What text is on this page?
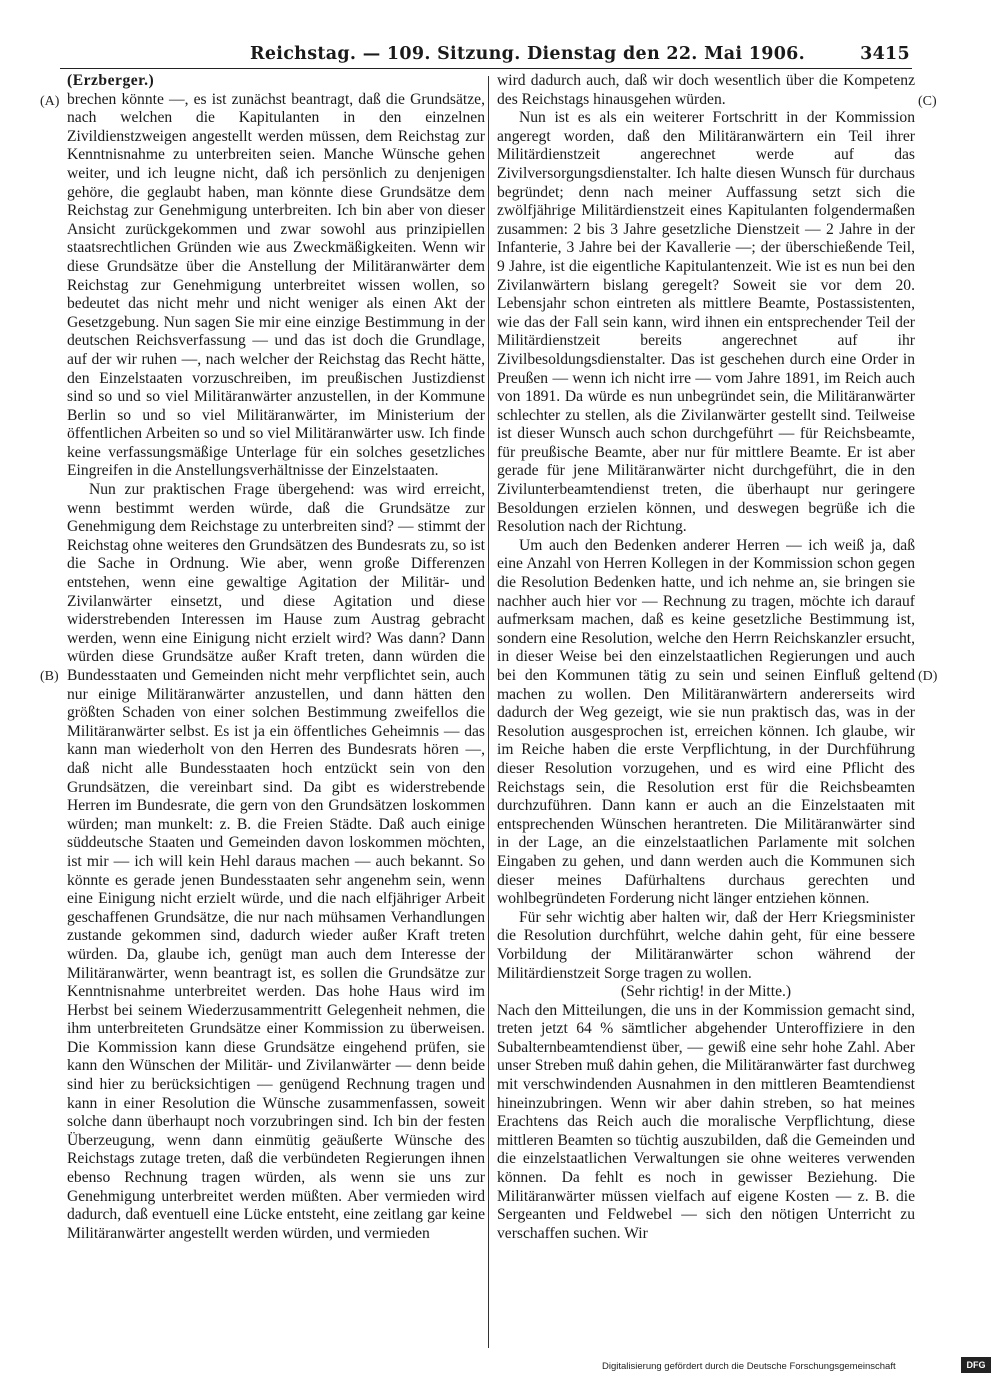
Reichstag. — 109. Sitzung. Dienstag den 22. Mai 1906.	3415
(A)
(B)
(C)
(D)

(Erzberger.)

brechen könnte —, es ist zunächst beantragt, daß die Grundsätze, nach welchen die Kapitulanten in den einzelnen Zivildienstzweigen angestellt werden müssen, dem Reichstag zur Kenntnisnahme zu unterbreiten seien. Manche Wünsche gehen weiter, und ich leugne nicht, daß ich persönlich zu denjenigen gehöre, die geglaubt haben, man könnte diese Grundsätze dem Reichstag zur Genehmigung unterbreiten. Ich bin aber von dieser Ansicht zurückgekommen und zwar sowohl aus prinzipiellen staatsrechtlichen Gründen wie aus Zweckmäßigkeiten. Wenn wir diese Grundsätze über die Anstellung der Militäranwärter dem Reichstag zur Genehmigung unterbreitet wissen wollen, so bedeutet das nicht mehr und nicht weniger als einen Akt der Gesetzgebung. Nun sagen Sie mir eine einzige Bestimmung in der deutschen Reichsverfassung — und das ist doch die Grundlage, auf der wir ruhen —, nach welcher der Reichstag das Recht hätte, den Einzelstaaten vorzuschreiben, im preußischen Justizdienst sind so und so viel Militäranwärter anzustellen, in der Kommune Berlin so und so viel Militäranwärter, im Ministerium der öffentlichen Arbeiten so und so viel Militäranwärter usw. Ich finde keine verfassungsmäßige Unterlage für ein solches gesetzliches Eingreifen in die Anstellungsverhältnisse der Einzelstaaten.

Nun zur praktischen Frage übergehend: was wird erreicht, wenn bestimmt werden würde, daß die Grundsätze zur Genehmigung dem Reichstage zu unterbreiten sind? — stimmt der Reichstag ohne weiteres den Grundsätzen des Bundesrats zu, so ist die Sache in Ordnung. Wie aber, wenn große Differenzen entstehen, wenn eine gewaltige Agitation der Militär- und Zivilanwärter einsetzt, und diese Agitation und diese widerstrebenden Interessen im Hause zum Austrag gebracht werden, wenn eine Einigung nicht erzielt wird? Was dann? Dann würden diese Grundsätze außer Kraft treten, dann würden die Bundesstaaten und Gemeinden nicht mehr verpflichtet sein, auch nur einige Militäranwärter anzustellen, und dann hätten den größten Schaden von einer solchen Bestimmung zweifellos die Militäranwärter selbst. Es ist ja ein öffentliches Geheimnis — das kann man wiederholt von den Herren des Bundesrats hören —, daß nicht alle Bundesstaaten hoch entzückt sein von den Grundsätzen, die vereinbart sind. Da gibt es widerstrebende Herren im Bundesrate, die gern von den Grundsätzen loskommen würden; man munkelt: z. B. die Freien Städte. Daß auch einige süddeutsche Staaten und Gemeinden davon loskommen möchten, ist mir — ich will kein Hehl daraus machen — auch bekannt. So könnte es gerade jenen Bundesstaaten sehr angenehm sein, wenn eine Einigung nicht erzielt würde, und die nach elfjähriger Arbeit geschaffenen Grundsätze, die nur nach mühsamen Verhandlungen zustande gekommen sind, dadurch wieder außer Kraft treten würden. Da, glaube ich, genügt man auch dem Interesse der Militäranwärter, wenn beantragt ist, es sollen die Grundsätze zur Kenntnisnahme unterbreitet werden. Das hohe Haus wird im Herbst bei seinem Wiederzusammentritt Gelegenheit nehmen, die ihm unterbreiteten Grundsätze einer Kommission zu überweisen. Die Kommission kann diese Grundsätze eingehend prüfen, sie kann den Wünschen der Militär- und Zivilanwärter — denn beide sind hier zu berücksichtigen — genügend Rechnung tragen und kann in einer Resolution die Wünsche zusammenfassen, soweit solche dann überhaupt noch vorzubringen sind. Ich bin der festen Überzeugung, wenn dann einmütig geäußerte Wünsche des Reichstags zutage treten, daß die verbündeten Regierungen ihnen ebenso Rechnung tragen würden, als wenn sie uns zur Genehmigung unterbreitet werden müßten. Aber vermieden wird dadurch, daß eventuell eine Lücke entsteht, eine zeitlang gar keine Militäranwärter angestellt werden würden, und vermieden

wird dadurch auch, daß wir doch wesentlich über die Kompetenz des Reichstags hinausgehen würden.

Nun ist es als ein weiterer Fortschritt in der Kommission angeregt worden, daß den Militäranwärtern ein Teil ihrer Militärdienstzeit angerechnet werde auf das Zivilversorgungsdienstalter. Ich halte diesen Wunsch für durchaus begründet; denn nach meiner Auffassung setzt sich die zwölfjährige Militärdienstzeit eines Kapitulanten folgendermaßen zusammen: 2 bis 3 Jahre gesetzliche Dienstzeit — 2 Jahre in der Infanterie, 3 Jahre bei der Kavallerie —; der überschießende Teil, 9 Jahre, ist die eigentliche Kapitulantenzeit. Wie ist es nun bei den Zivilanwärtern bislang geregelt? Soweit sie vor dem 20. Lebensjahr schon eintreten als mittlere Beamte, Postassistenten, wie das der Fall sein kann, wird ihnen ein entsprechender Teil der Militärdienstzeit bereits angerechnet auf ihr Zivilbesoldungsdienstalter. Das ist geschehen durch eine Order in Preußen — wenn ich nicht irre — vom Jahre 1891, im Reich auch von 1891. Da würde es nun unbegründet sein, die Militäranwärter schlechter zu stellen, als die Zivilanwärter gestellt sind. Teilweise ist dieser Wunsch auch schon durchgeführt — für Reichsbeamte, für preußische Beamte, aber nur für mittlere Beamte. Er ist aber gerade für jene Militäranwärter nicht durchgeführt, die in den Zivilunterbeamtendienst treten, die überhaupt nur geringere Besoldungen erzielen können, und deswegen begrüße ich die Resolution nach der Richtung.

Um auch den Bedenken anderer Herren — ich weiß ja, daß eine Anzahl von Herren Kollegen in der Kommission schon gegen die Resolution Bedenken hatte, und ich nehme an, sie bringen sie nachher auch hier vor — Rechnung zu tragen, möchte ich darauf aufmerksam machen, daß es keine gesetzliche Bestimmung ist, sondern eine Resolution, welche den Herrn Reichskanzler ersucht, in dieser Weise bei den einzelstaatlichen Regierungen und auch bei den Kommunen tätig zu sein und seinen Einfluß geltend machen zu wollen. Den Militäranwärtern andererseits wird dadurch der Weg gezeigt, wie sie nun praktisch das, was in der Resolution ausgesprochen ist, erreichen können. Ich glaube, wir im Reiche haben die erste Verpflichtung, in der Durchführung dieser Resolution vorzugehen, und es wird eine Pflicht des Reichstags sein, die Resolution erst für die Reichsbeamten durchzuführen. Dann kann er auch an die Einzelstaaten mit entsprechenden Wünschen herantreten. Die Militäranwärter sind in der Lage, an die einzelstaatlichen Parlamente mit solchen Eingaben zu gehen, und dann werden auch die Kommunen sich dieser meines Dafürhaltens durchaus gerechten und wohlbegründeten Forderung nicht länger entziehen können.

Für sehr wichtig aber halten wir, daß der Herr Kriegsminister die Resolution durchführt, welche dahin geht, für eine bessere Vorbildung der Militäranwärter schon während der Militärdienstzeit Sorge tragen zu wollen.

(Sehr richtig! in der Mitte.)

Nach den Mitteilungen, die uns in der Kommission gemacht sind, treten jetzt 64 % sämtlicher abgehender Unteroffiziere in den Subalternbeamtendienst über, — gewiß eine sehr hohe Zahl. Aber unser Streben muß dahin gehen, die Militäranwärter fast durchweg mit verschwindenden Ausnahmen in den mittleren Beamtendienst hineinzubringen. Wenn wir aber dahin streben, so hat meines Erachtens das Reich auch die moralische Verpflichtung, diese mittleren Beamten so tüchtig auszubilden, daß die Gemeinden und die einzelstaatlichen Verwaltungen sie ohne weiteres verwenden können. Da fehlt es noch in gewisser Beziehung. Die Militäranwärter müssen vielfach auf eigene Kosten — z. B. die Sergeanten und Feldwebel — sich den nötigen Unterricht zu verschaffen suchen. Wir

Digitalisierung gefördert durch die Deutsche Forschungsgemeinschaft	DFG
